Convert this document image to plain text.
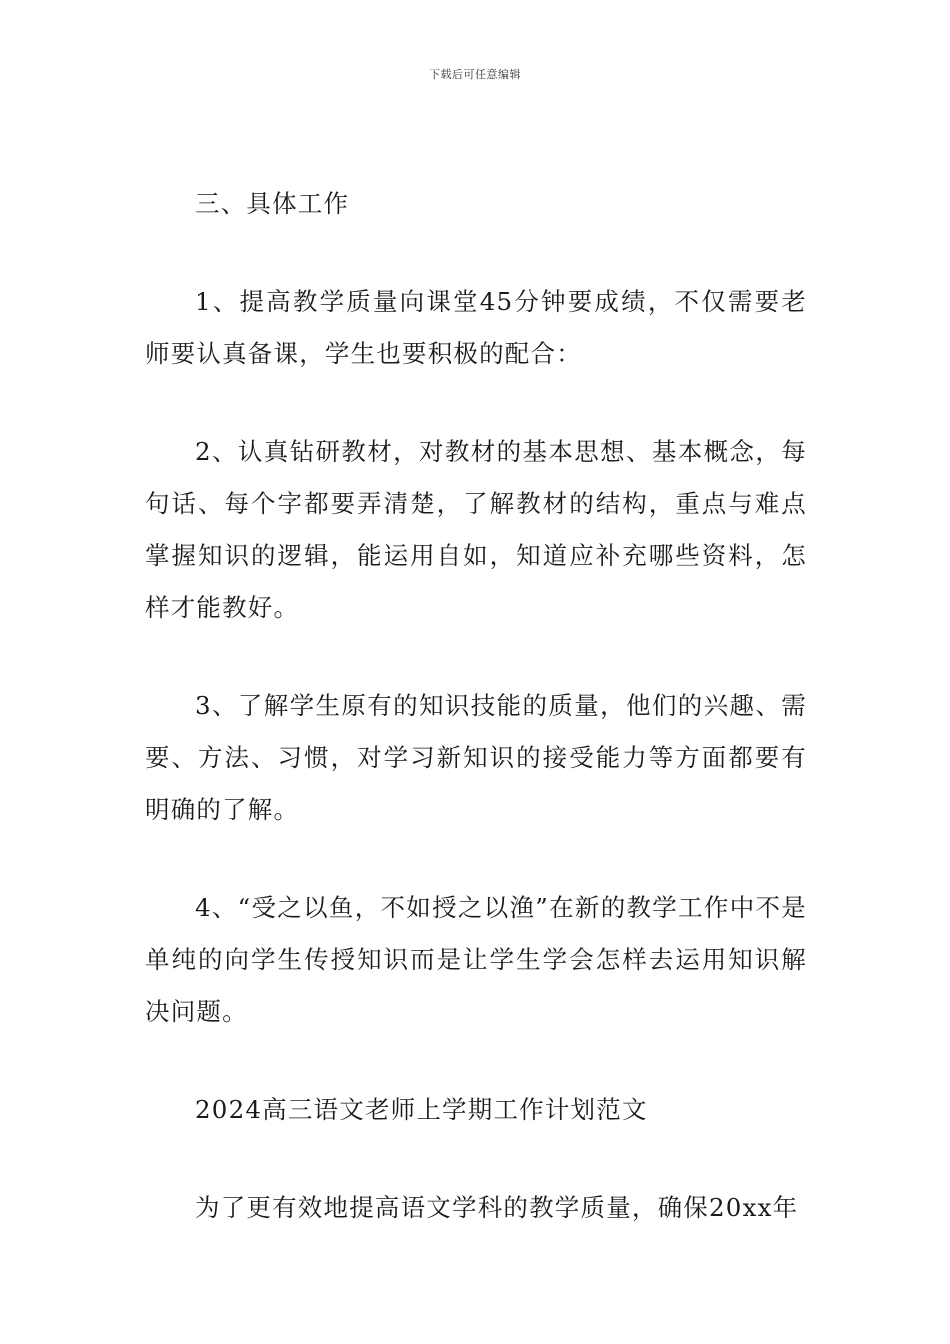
下载后可任意编辑

三、具体工作

1、提高教学质量向课堂45分钟要成绩，不仅需要老师要认真备课，学生也要积极的配合：

2、认真钻研教材，对教材的基本思想、基本概念，每句话、每个字都要弄清楚，了解教材的结构，重点与难点掌握知识的逻辑，能运用自如，知道应补充哪些资料，怎样才能教好。

3、了解学生原有的知识技能的质量，他们的兴趣、需要、方法、习惯，对学习新知识的接受能力等方面都要有明确的了解。

4、“受之以鱼，不如授之以渔”在新的教学工作中不是单纯的向学生传授知识而是让学生学会怎样去运用知识解决问题。

2024高三语文老师上学期工作计划范文

为了更有效地提高语文学科的教学质量，确保20xx年
